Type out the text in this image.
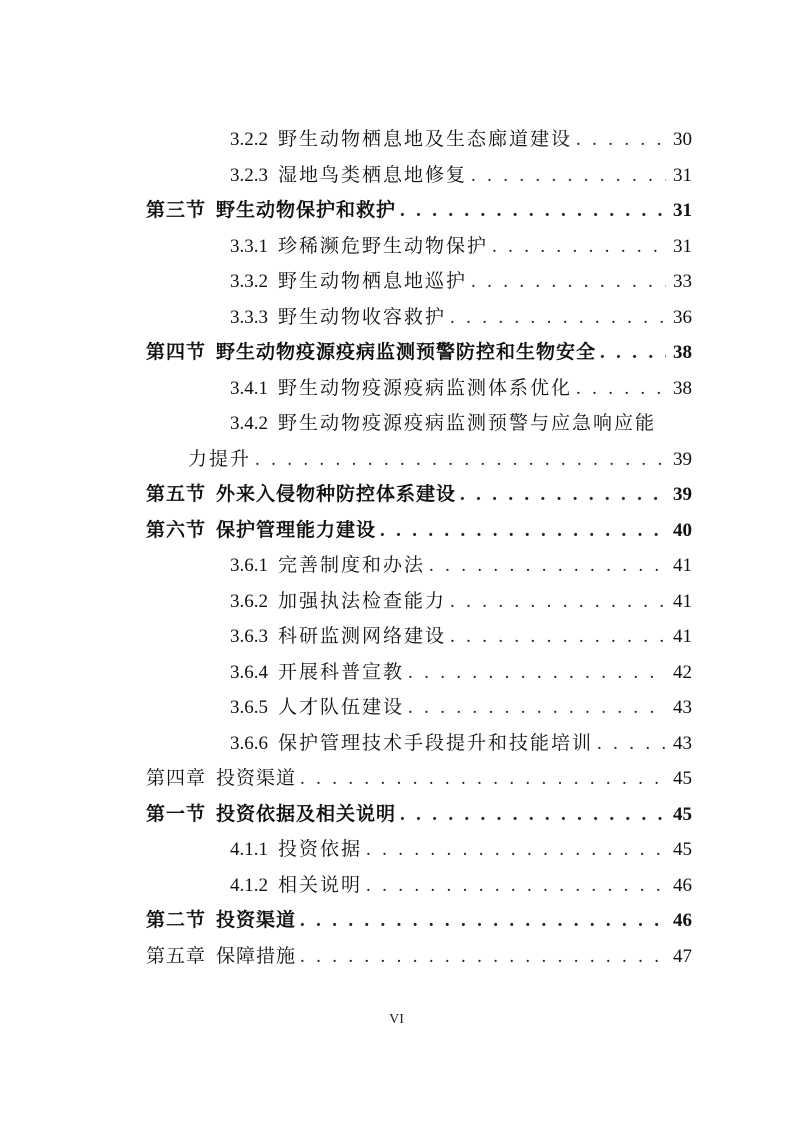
3.2.2 野生动物栖息地及生态廊道建设 . . .	30
3.2.3 湿地鸟类栖息地修复 . . .	31
第三节 野生动物保护和救护 . . .	31
3.3.1 珍稀濒危野生动物保护 . . .	31
3.3.2 野生动物栖息地巡护 . . .	33
3.3.3 野生动物收容救护 . . .	36
第四节 野生动物疫源疫病监测预警防控和生物安全 . . .	38
3.4.1 野生动物疫源疫病监测体系优化 . . .	38
3.4.2 野生动物疫源疫病监测预警与应急响应能
力提升 . . .	39
第五节 外来入侵物种防控体系建设 . . .	39
第六节 保护管理能力建设 . . .	40
3.6.1 完善制度和办法 . . .	41
3.6.2 加强执法检查能力 . . .	41
3.6.3 科研监测网络建设 . . .	41
3.6.4 开展科普宣教 . . .	42
3.6.5 人才队伍建设 . . .	43
3.6.6 保护管理技术手段提升和技能培训 . . .	43
第四章 投资渠道 . . .	45
第一节 投资依据及相关说明 . . .	45
4.1.1 投资依据 . . .	45
4.1.2 相关说明 . . .	46
第二节 投资渠道 . . .	46
第五章 保障措施 . . .	47
VI
